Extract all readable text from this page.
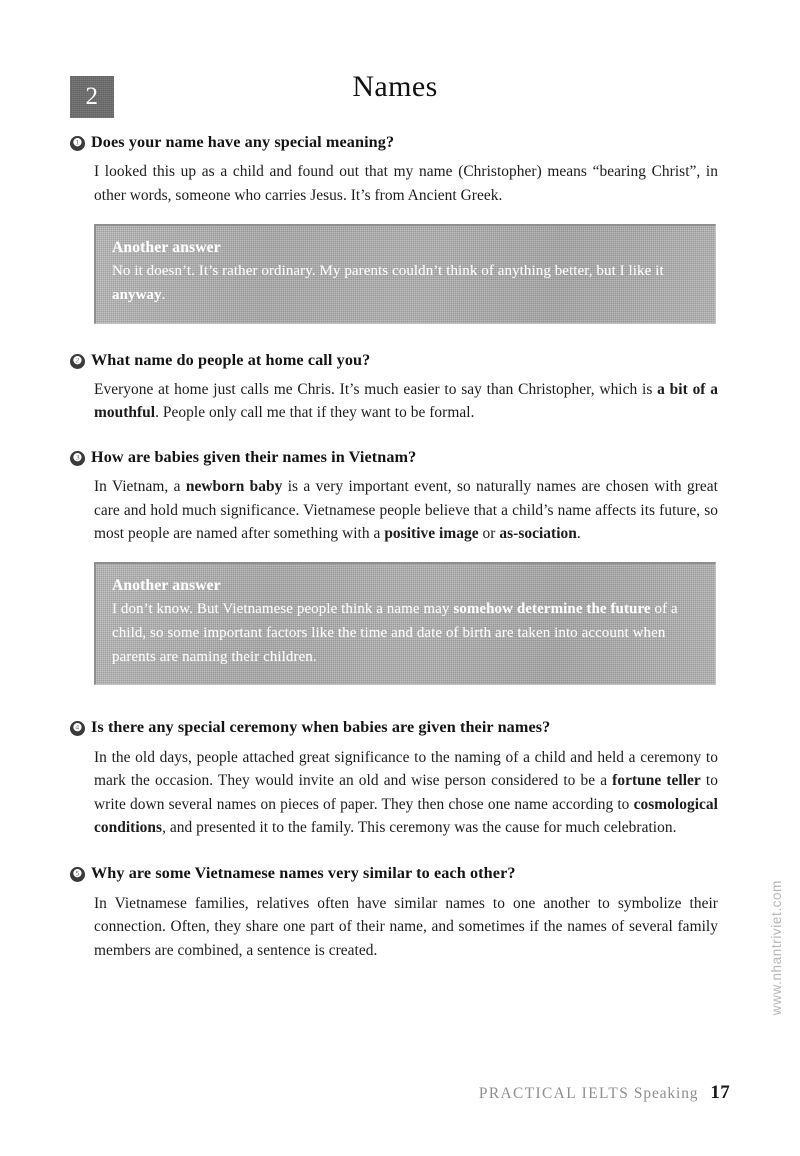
2	Names
❶ Does your name have any special meaning?
I looked this up as a child and found out that my name (Christopher) means “bearing Christ”, in other words, someone who carries Jesus. It’s from Ancient Greek.
Another answer
No it doesn’t. It’s rather ordinary. My parents couldn’t think of anything better, but I like it anyway.
❷ What name do people at home call you?
Everyone at home just calls me Chris. It’s much easier to say than Christopher, which is a bit of a mouthful. People only call me that if they want to be formal.
❸ How are babies given their names in Vietnam?
In Vietnam, a newborn baby is a very important event, so naturally names are chosen with great care and hold much significance. Vietnamese people believe that a child’s name affects its future, so most people are named after something with a positive image or as-sociation.
Another answer
I don’t know. But Vietnamese people think a name may somehow determine the future of a child, so some important factors like the time and date of birth are taken into account when parents are naming their children.
❹ Is there any special ceremony when babies are given their names?
In the old days, people attached great significance to the naming of a child and held a ceremony to mark the occasion. They would invite an old and wise person considered to be a fortune teller to write down several names on pieces of paper. They then chose one name according to cosmological conditions, and presented it to the family. This ceremony was the cause for much celebration.
❺ Why are some Vietnamese names very similar to each other?
In Vietnamese families, relatives often have similar names to one another to symbolize their connection. Often, they share one part of their name, and sometimes if the names of several family members are combined, a sentence is created.	www.nhantriviet.com
PRACTICAL IELTS Speaking 17
